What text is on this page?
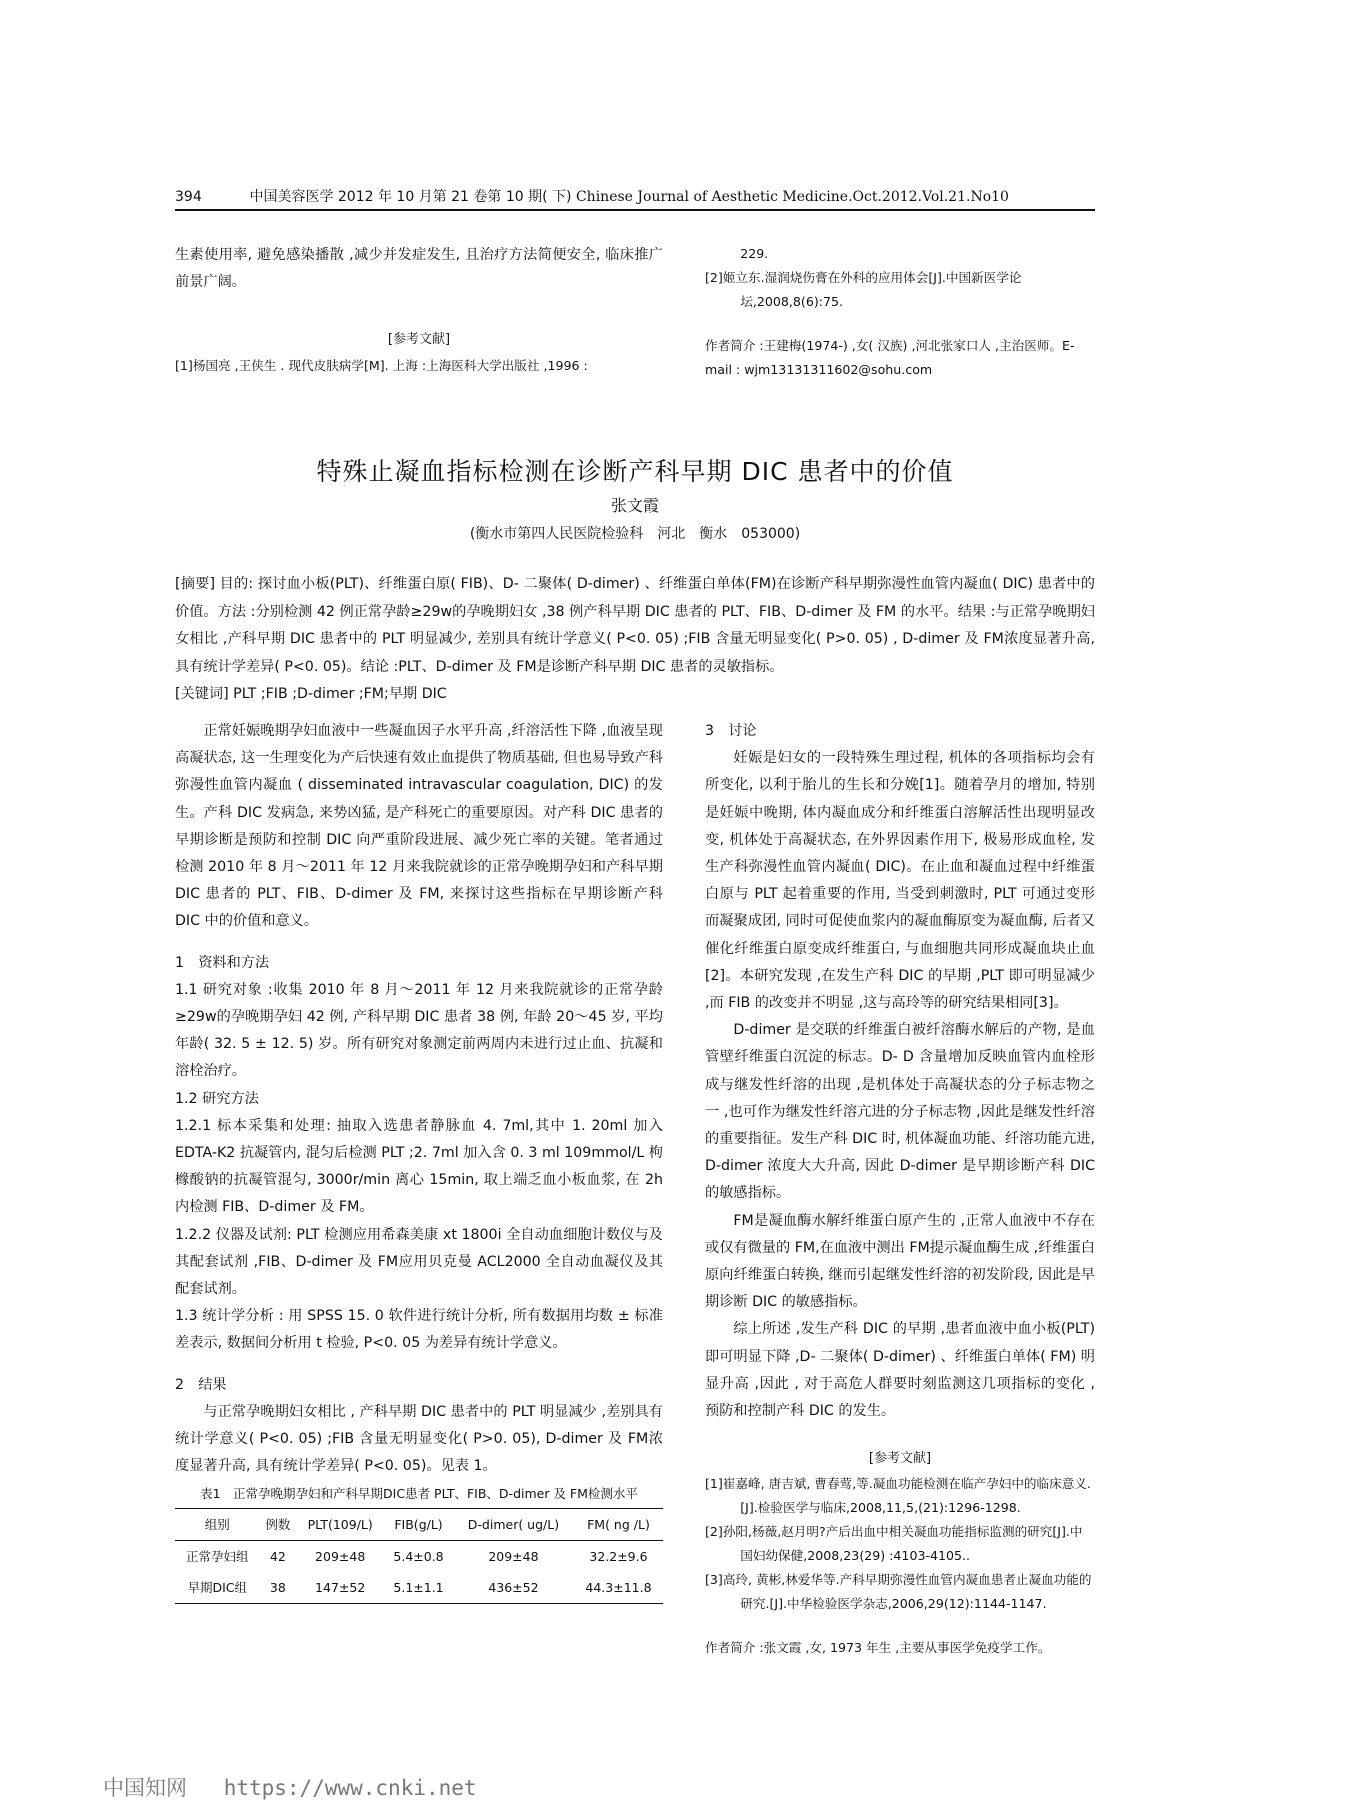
394	中国美容医学 2012 年 10 月第 21 卷第 10 期( 下) Chinese Journal of Aesthetic Medicine.Oct.2012.Vol.21.No10

生素使用率, 避免感染播散 ,减少并发症发生, 且治疗方法简便安全, 临床推广前景广阔。

[参考文献]

[1]杨国亮 ,王侠生 . 现代皮肤病学[M]. 上海 :上海医科大学出版社 ,1996 :

229.

[2]姬立东.湿润烧伤膏在外科的应用体会[J].中国新医学论坛,2008,8(6):75.

作者简介 :王建梅(1974-) ,女( 汉族) ,河北张家口人 ,主治医师。E-mail : wjm13131311602@sohu.com

特殊止凝血指标检测在诊断产科早期 DIC 患者中的价值
张文霞
(衡水市第四人民医院检验科　河北　衡水　053000)

[摘要] 目的: 探讨血小板(PLT)、纤维蛋白原( FIB)、D- 二聚体( D-dimer) 、纤维蛋白单体(FM)在诊断产科早期弥漫性血管内凝血( DIC) 患者中的价值。方法 :分别检测 42 例正常孕龄≥29w的孕晚期妇女 ,38 例产科早期 DIC 患者的 PLT、FIB、D-dimer 及 FM 的水平。结果 :与正常孕晚期妇女相比 ,产科早期 DIC 患者中的 PLT 明显减少, 差别具有统计学意义( P<0. 05) ;FIB 含量无明显变化( P>0. 05) , D-dimer 及 FM浓度显著升高, 具有统计学差异( P<0. 05)。结论 :PLT、D-dimer 及 FM是诊断产科早期 DIC 患者的灵敏指标。

[关键词] PLT ;FIB ;D-dimer ;FM;早期 DIC

正常妊娠晚期孕妇血液中一些凝血因子水平升高 ,纤溶活性下降 ,血液呈现高凝状态, 这一生理变化为产后快速有效止血提供了物质基础, 但也易导致产科弥漫性血管内凝血 ( disseminated intravascular coagulation, DIC) 的发生。产科 DIC 发病急, 来势凶猛, 是产科死亡的重要原因。对产科 DIC 患者的早期诊断是预防和控制 DIC 向严重阶段进展、减少死亡率的关键。笔者通过检测 2010 年 8 月～2011 年 12 月来我院就诊的正常孕晚期孕妇和产科早期 DIC 患者的 PLT、FIB、D-dimer 及 FM, 来探讨这些指标在早期诊断产科 DIC 中的价值和意义。

1　资料和方法

1.1 研究对象 :收集 2010 年 8 月～2011 年 12 月来我院就诊的正常孕龄≥29w的孕晚期孕妇 42 例, 产科早期 DIC 患者 38 例, 年龄 20～45 岁, 平均年龄( 32. 5 ± 12. 5) 岁。所有研究对象测定前两周内未进行过止血、抗凝和溶栓治疗。

1.2 研究方法

1.2.1 标本采集和处理: 抽取入选患者静脉血 4. 7ml,其中 1. 20ml 加入 EDTA-K2 抗凝管内, 混匀后检测 PLT ;2. 7ml 加入含 0. 3 ml 109mmol/L 枸橼酸钠的抗凝管混匀, 3000r/min 离心 15min, 取上端乏血小板血浆, 在 2h 内检测 FIB、D-dimer 及 FM。

1.2.2 仪器及试剂: PLT 检测应用希森美康 xt 1800i 全自动血细胞计数仪与及其配套试剂 ,FIB、D-dimer 及 FM应用贝克曼 ACL2000 全自动血凝仪及其配套试剂。

1.3 统计学分析 : 用 SPSS 15. 0 软件进行统计分析, 所有数据用均数 ± 标准差表示, 数据间分析用 t 检验, P<0. 05 为差异有统计学意义。

2　结果

与正常孕晚期妇女相比 , 产科早期 DIC 患者中的 PLT 明显减少 ,差别具有统计学意义( P<0. 05) ;FIB 含量无明显变化( P>0. 05), D-dimer 及 FM浓度显著升高, 具有统计学差异( P<0. 05)。见表 1。

表1　正常孕晚期孕妇和产科早期DIC患者 PLT、FIB、D-dimer 及 FM检测水平

组别	例数	PLT(109/L)	FIB(g/L)	D-dimer( ug/L)	FM( ng /L)
正常孕妇组	42	209±48	5.4±0.8	209±48	32.2±9.6
早期DIC组	38	147±52	5.1±1.1	436±52	44.3±11.8

3　讨论

妊娠是妇女的一段特殊生理过程, 机体的各项指标均会有所变化, 以利于胎儿的生长和分娩[1]。随着孕月的增加, 特别是妊娠中晚期, 体内凝血成分和纤维蛋白溶解活性出现明显改变, 机体处于高凝状态, 在外界因素作用下, 极易形成血栓, 发生产科弥漫性血管内凝血( DIC)。在止血和凝血过程中纤维蛋白原与 PLT 起着重要的作用, 当受到刺激时, PLT 可通过变形而凝聚成团, 同时可促使血浆内的凝血酶原变为凝血酶, 后者又催化纤维蛋白原变成纤维蛋白, 与血细胞共同形成凝血块止血[2]。本研究发现 ,在发生产科 DIC 的早期 ,PLT 即可明显减少 ,而 FIB 的改变并不明显 ,这与高玲等的研究结果相同[3]。

D-dimer 是交联的纤维蛋白被纤溶酶水解后的产物, 是血管壁纤维蛋白沉淀的标志。D- D 含量增加反映血管内血栓形成与继发性纤溶的出现 ,是机体处于高凝状态的分子标志物之一 ,也可作为继发性纤溶亢进的分子标志物 ,因此是继发性纤溶的重要指征。发生产科 DIC 时, 机体凝血功能、纤溶功能亢进, D-dimer 浓度大大升高, 因此 D-dimer 是早期诊断产科 DIC 的敏感指标。

FM是凝血酶水解纤维蛋白原产生的 ,正常人血液中不存在或仅有微量的 FM,在血液中测出 FM提示凝血酶生成 ,纤维蛋白原向纤维蛋白转换, 继而引起继发性纤溶的初发阶段, 因此是早期诊断 DIC 的敏感指标。

综上所述 ,发生产科 DIC 的早期 ,患者血液中血小板(PLT) 即可明显下降 ,D- 二聚体( D-dimer) 、纤维蛋白单体( FM) 明显升高 ,因此 , 对于高危人群要时刻监测这几项指标的变化 , 预防和控制产科 DIC 的发生。

[参考文献]

[1]崔嘉峰, 唐吉斌, 曹春莺,等.凝血功能检测在临产孕妇中的临床意义.[J].检验医学与临床,2008,11,5,(21):1296-1298.

[2]孙阳,杨薇,赵月明?产后出血中相关凝血功能指标监测的研究[J].中国妇幼保健,2008,23(29) :4103-4105..

[3]高玲, 黄彬,林爱华等.产科早期弥漫性血管内凝血患者止凝血功能的研究.[J].中华检验医学杂志,2006,29(12):1144-1147.

作者简介 :张文霞 ,女, 1973 年生 ,主要从事医学免疫学工作。

中国知网 https://www.cnki.net
